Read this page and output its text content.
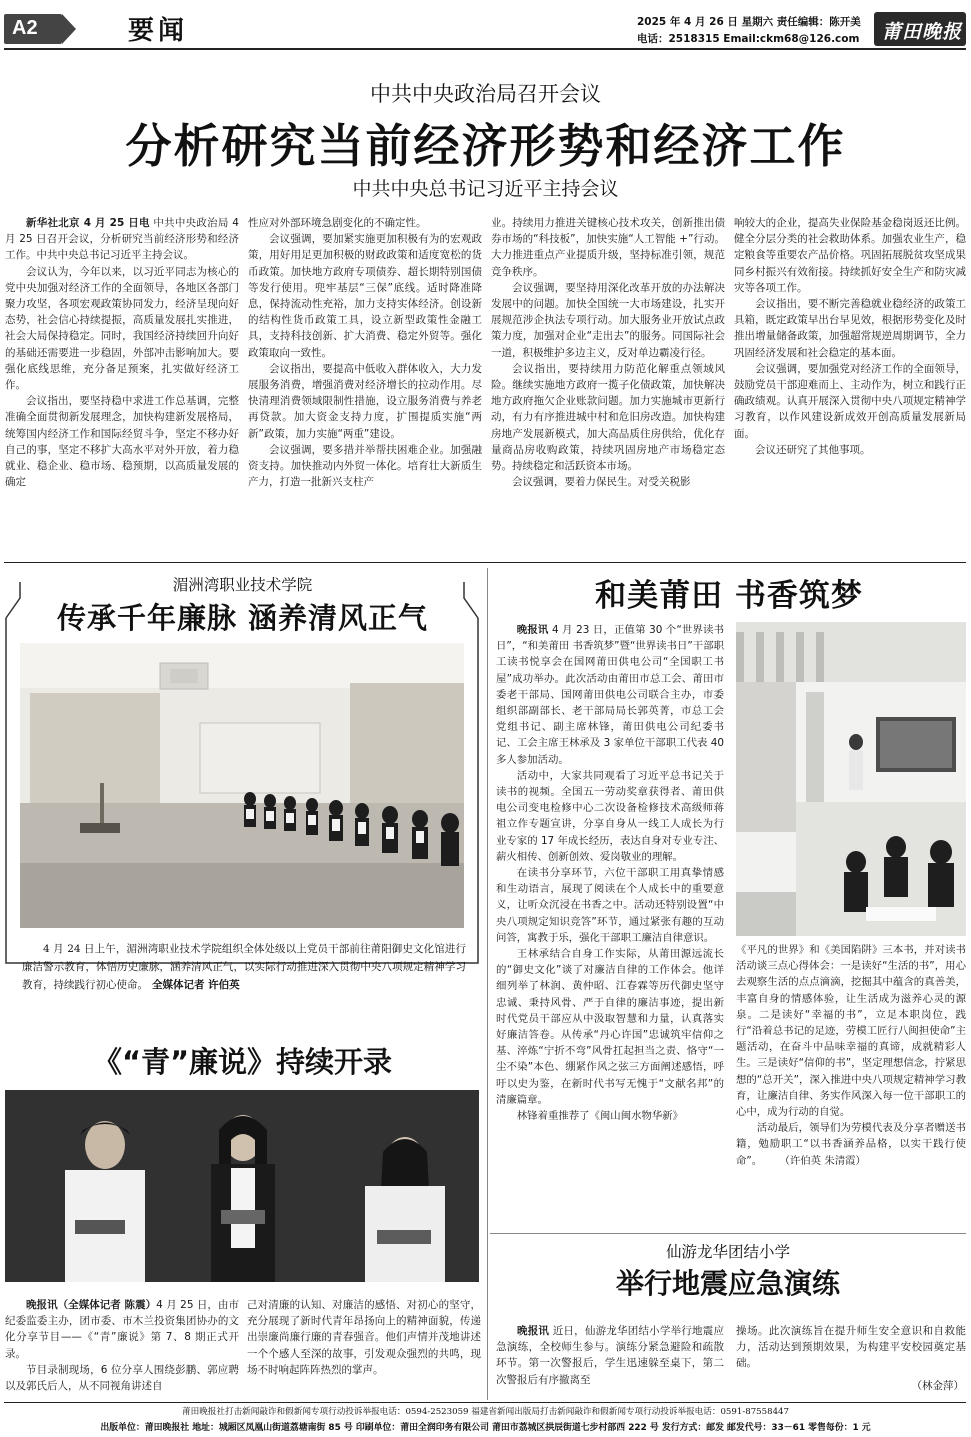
A2	要闻	2025 年 4 月 26 日 星期六 责任编辑：陈开美
电话：2518315 Email:ckm68@126.com 莆田晚报
中共中央政治局召开会议
分析研究当前经济形势和经济工作
中共中央总书记习近平主持会议

新华社北京 4 月 25 日电 中共中央政治局 4 月 25 日召开会议，分析研究当前经济形势和经济工作。中共中央总书记习近平主持会议。

会议认为，今年以来，以习近平同志为核心的党中央加强对经济工作的全面领导，各地区各部门聚力攻坚，各项宏观政策协同发力，经济呈现向好态势，社会信心持续提振，高质量发展扎实推进，社会大局保持稳定。同时，我国经济持续回升向好的基础还需要进一步稳固，外部冲击影响加大。要强化底线思维，充分备足预案，扎实做好经济工作。

会议指出，要坚持稳中求进工作总基调，完整准确全面贯彻新发展理念，加快构建新发展格局，统筹国内经济工作和国际经贸斗争，坚定不移办好自己的事，坚定不移扩大高水平对外开放，着力稳就业、稳企业、稳市场、稳预期，以高质量发展的确定

性应对外部环境急剧变化的不确定性。

会议强调，要加紧实施更加积极有为的宏观政策，用好用足更加积极的财政政策和适度宽松的货币政策。加快地方政府专项债券、超长期特别国债等发行使用。兜牢基层“三保”底线。适时降准降息，保持流动性充裕，加力支持实体经济。创设新的结构性货币政策工具，设立新型政策性金融工具，支持科技创新、扩大消费、稳定外贸等。强化政策取向一致性。

会议指出，要提高中低收入群体收入，大力发展服务消费，增强消费对经济增长的拉动作用。尽快清理消费领域限制性措施，设立服务消费与养老再贷款。加大资金支持力度，扩围提质实施“两新”政策，加力实施“两重”建设。

会议强调，要多措并举帮扶困难企业。加强融资支持。加快推动内外贸一体化。培育壮大新质生产力，打造一批新兴支柱产

业。持续用力推进关键核心技术攻关，创新推出债券市场的“科技板”，加快实施“人工智能 +”行动。大力推进重点产业提质升级，坚持标准引领，规范竞争秩序。

会议强调，要坚持用深化改革开放的办法解决发展中的问题。加快全国统一大市场建设，扎实开展规范涉企执法专项行动。加大服务业开放试点政策力度，加强对企业“走出去”的服务。同国际社会一道，积极维护多边主义，反对单边霸凌行径。

会议指出，要持续用力防范化解重点领域风险。继续实施地方政府一揽子化债政策，加快解决地方政府拖欠企业账款问题。加力实施城市更新行动，有力有序推进城中村和危旧房改造。加快构建房地产发展新模式，加大高品质住房供给，优化存量商品房收购政策，持续巩固房地产市场稳定态势。持续稳定和活跃资本市场。

会议强调，要着力保民生。对受关税影

响较大的企业，提高失业保险基金稳岗返还比例。健全分层分类的社会救助体系。加强农业生产，稳定粮食等重要农产品价格。巩固拓展脱贫攻坚成果同乡村振兴有效衔接。持续抓好安全生产和防灾减灾等各项工作。

会议指出，要不断完善稳就业稳经济的政策工具箱，既定政策早出台早见效，根据形势变化及时推出增量储备政策，加强超常规逆周期调节，全力巩固经济发展和社会稳定的基本面。

会议强调，要加强党对经济工作的全面领导，鼓励党员干部迎难而上、主动作为，树立和践行正确政绩观。认真开展深入贯彻中央八项规定精神学习教育，以作风建设新成效开创高质量发展新局面。

会议还研究了其他事项。

湄洲湾职业技术学院
传承千年廉脉 涵养清风正气
4 月 24 日上午，湄洲湾职业技术学院组织全体处级以上党员干部前往莆阳御史文化馆进行廉洁警示教育，体悟历史廉脉，涵养清风正气，以实际行动推进深入贯彻中央八项规定精神学习教育，持续践行初心使命。 全媒体记者 许伯英
《“青”廉说》持续开录

晚报讯（全媒体记者 陈震）4 月 25 日，由市纪委监委主办，团市委、市木兰投资集团协办的文化分享节目——《“青”廉说》第 7、8 期正式开录。

节目录制现场，6 位分享人围绕彭鹏、郭应聘以及郭氏后人，从不同视角讲述自

己对清廉的认知、对廉洁的感悟、对初心的坚守，充分展现了新时代青年昂扬向上的精神面貌，传递出崇廉尚廉行廉的青春强音。他们声情并茂地讲述一个个感人至深的故事，引发观众强烈的共鸣，现场不时响起阵阵热烈的掌声。

和美莆田 书香筑梦

晚报讯 4 月 23 日，正值第 30 个“世界读书日”，“和美莆田 书香筑梦”暨“世界读书日”干部职工读书悦享会在国网莆田供电公司“全国职工书屋”成功举办。此次活动由莆田市总工会、莆田市委老干部局、国网莆田供电公司联合主办，市委组织部副部长、老干部局局长郭英菁，市总工会党组书记、副主席林锋，莆田供电公司纪委书记、工会主席王林承及 3 家单位干部职工代表 40 多人参加活动。

活动中，大家共同观看了习近平总书记关于读书的视频。全国五一劳动奖章获得者、莆田供电公司变电检修中心二次设备检修技术高级师蒋祖立作专题宣讲，分享自身从一线工人成长为行业专家的 17 年成长经历，表达自身对专业专注、薪火相传、创新创效、爱岗敬业的理解。

在读书分享环节，六位干部职工用真挚情感和生动语言，展现了阅读在个人成长中的重要意义，让听众沉浸在书香之中。活动还特别设置“中央八项规定知识竞答”环节，通过紧张有趣的互动问答，寓教于乐，强化干部职工廉洁自律意识。

王林承结合自身工作实际，从莆田源远流长的“御史文化”谈了对廉洁自律的工作体会。他详细列举了林润、黄仲昭、江春霖等历代御史坚守忠诚、秉持风骨、严于自律的廉洁事迹，提出新时代党员干部应从中汲取智慧和力量，认真落实好廉洁答卷。从传承“丹心许国”忠诚筑牢信仰之基、淬炼“宁折不弯”风骨扛起担当之责、恪守“一尘不染”本色、绷紧作风之弦三方面阐述感悟，呼吁以史为鉴，在新时代书写无愧于“文献名邦”的清廉篇章。

林锋着重推荐了《闽山闽水物华新》

《平凡的世界》和《美国陷阱》三本书，并对读书活动谈三点心得体会：一是读好“生活的书”，用心去观察生活的点点滴滴，挖掘其中蕴含的真善美，丰富自身的情感体验，让生活成为滋养心灵的源泉。二是读好“幸福的书”，立足本职岗位，践行“沿着总书记的足迹，劳模工匠行八闽担使命”主题活动，在奋斗中品味幸福的真谛，成就精彩人生。三是读好“信仰的书”，坚定理想信念，拧紧思想的“总开关”，深入推进中央八项规定精神学习教育，让廉洁自律、务实作风深入每一位干部职工的心中，成为行动的自觉。

活动最后，领导们为劳模代表及分享者赠送书籍，勉励职工“以书香涵养品格，以实干践行使命”。 （许伯英 朱清霞）

仙游龙华团结小学
举行地震应急演练

晚报讯 近日，仙游龙华团结小学举行地震应急演练，全校师生参与。演练分紧急避险和疏散环节。第一次警报后，学生迅速躲至桌下，第二次警报后有序撤离至

操场。此次演练旨在提升师生安全意识和自救能力，活动达到预期效果，为构建平安校园奠定基础。

（林金萍）
莆田晚报社打击新闻敲诈和假新闻专项行动投诉举报电话：0594-2523059 福建省新闻出版局打击新闻敲诈和假新闻专项行动投诉举报电话：0591-87558447
出版单位：莆田晚报社 地址：城厢区凤凰山街道荔塘南街 85 号 印刷单位：莆田全润印务有限公司 莆田市荔城区拱辰街道七步村部西 222 号 发行方式：邮发 邮发代号：33－61 零售每份：1 元
